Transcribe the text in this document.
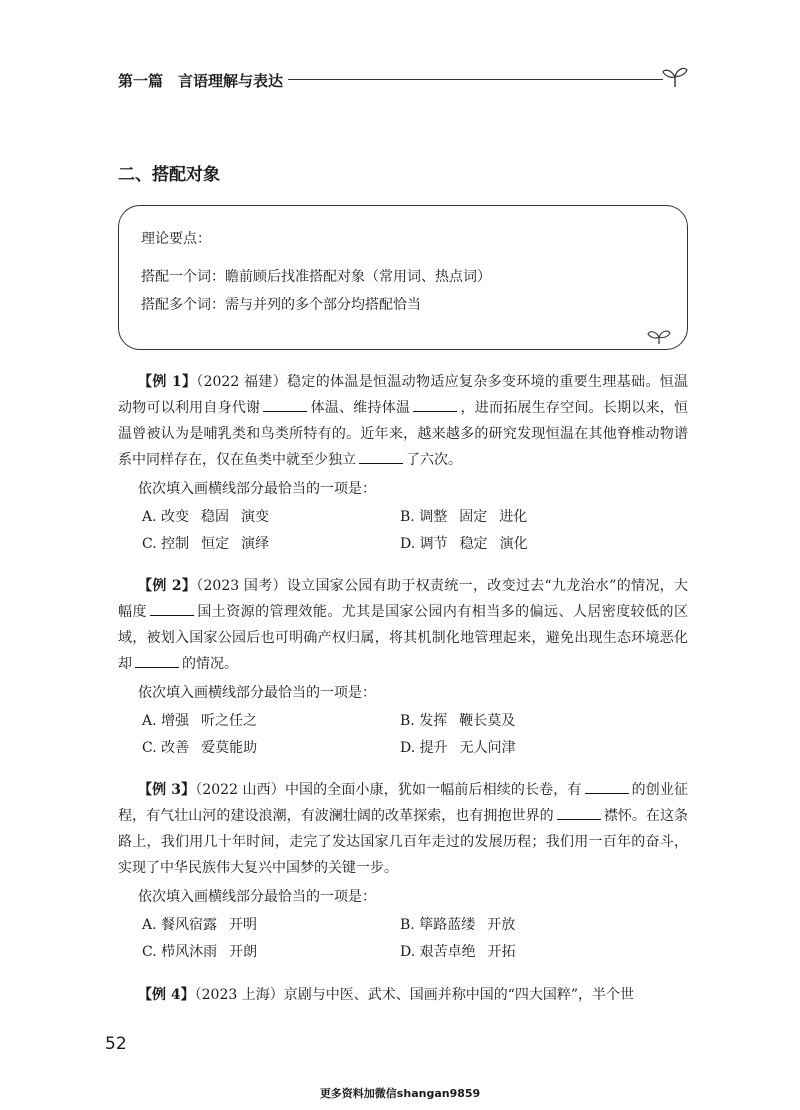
第一篇　言语理解与表达
二、搭配对象
理论要点：
搭配一个词：瞻前顾后找准搭配对象（常用词、热点词）
搭配多个词：需与并列的多个部分均搭配恰当

【例 1】（2022 福建）稳定的体温是恒温动物适应复杂多变环境的重要生理基础。恒温动物可以利用自身代谢	体温、维持体温	，进而拓展生存空间。长期以来，恒温曾被认为是哺乳类和鸟类所特有的。近年来，越来越多的研究发现恒温在其他脊椎动物谱系中同样存在，仅在鱼类中就至少独立	了六次。

依次填入画横线部分最恰当的一项是：

A. 改变 稳固 演变	B. 调整 固定 进化
C. 控制 恒定 演绎	D. 调节 稳定 演化

【例 2】（2023 国考）设立国家公园有助于权责统一，改变过去“九龙治水”的情况，大幅度	国土资源的管理效能。尤其是国家公园内有相当多的偏远、人居密度较低的区域，被划入国家公园后也可明确产权归属，将其机制化地管理起来，避免出现生态环境恶化却	的情况。

依次填入画横线部分最恰当的一项是：

A. 增强 听之任之	B. 发挥 鞭长莫及
C. 改善 爱莫能助	D. 提升 无人问津

【例 3】（2022 山西）中国的全面小康，犹如一幅前后相续的长卷，有	的创业征程，有气壮山河的建设浪潮，有波澜壮阔的改革探索，也有拥抱世界的	襟怀。在这条路上，我们用几十年时间，走完了发达国家几百年走过的发展历程；我们用一百年的奋斗，实现了中华民族伟大复兴中国梦的关键一步。

依次填入画横线部分最恰当的一项是：

A. 餐风宿露 开明	B. 筚路蓝缕 开放
C. 栉风沐雨 开朗	D. 艰苦卓绝 开拓

【例 4】（2023 上海）京剧与中医、武术、国画并称中国的“四大国粹”，半个世

52
更多资料加微信shangan9859
